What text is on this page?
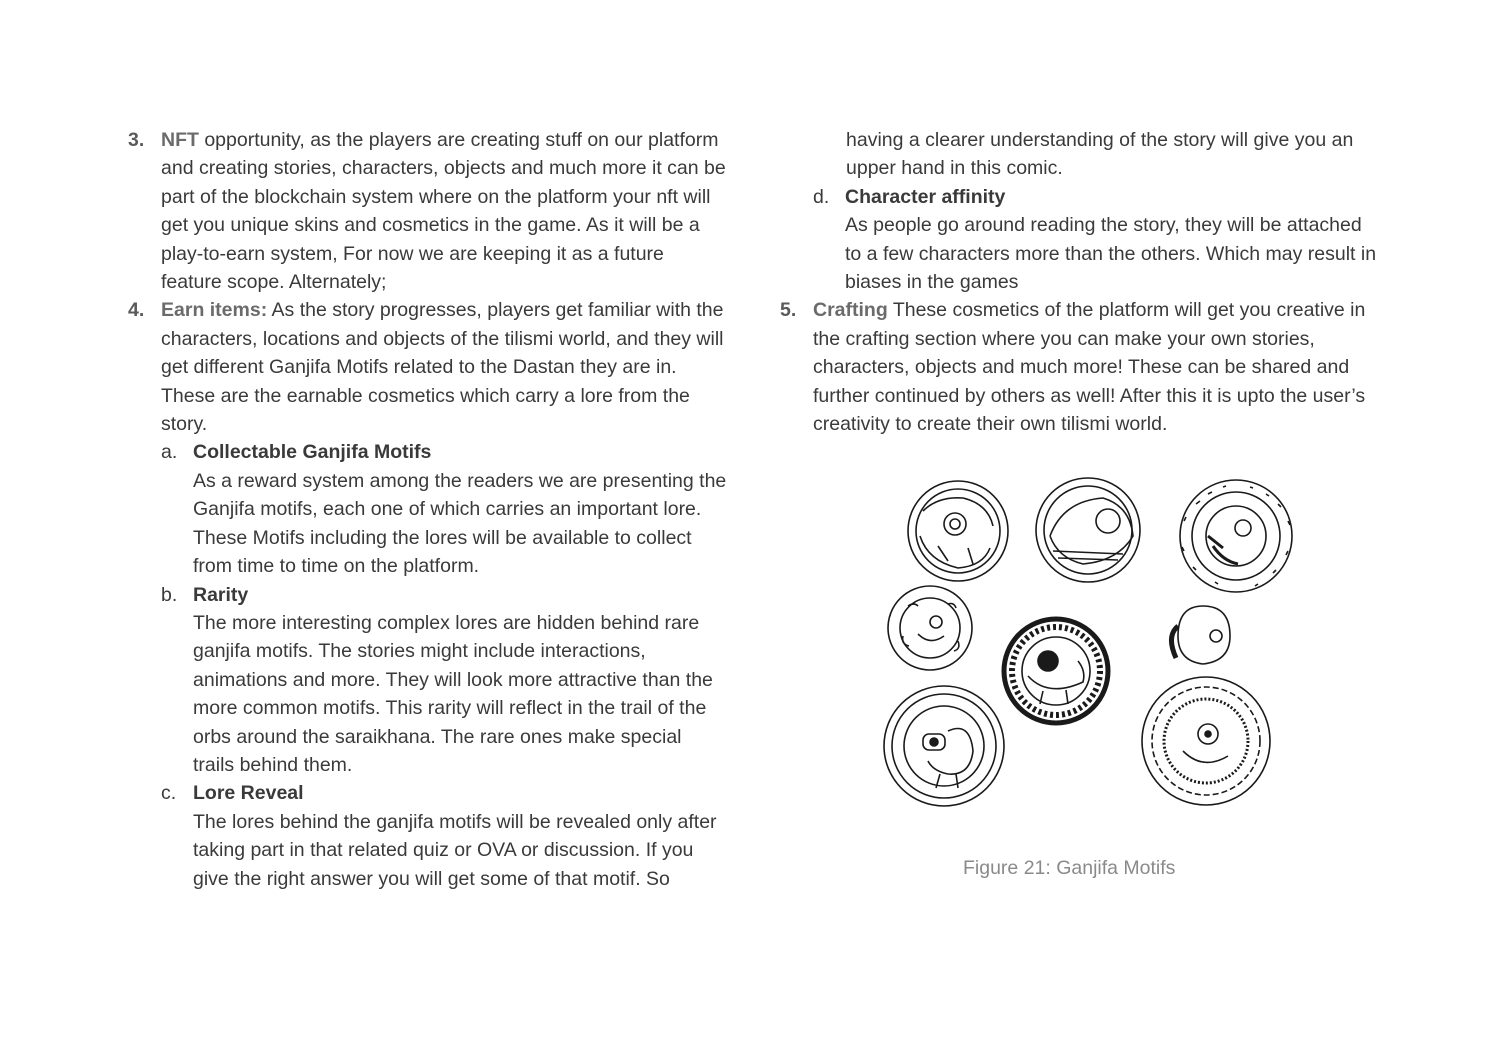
3. NFT opportunity, as the players are creating stuff on our platform and creating stories, characters, objects and much more it can be part of the blockchain system where on the platform your nft will get you unique skins and cosmetics in the game. As it will be a play-to-earn system, For now we are keeping it as a future feature scope. Alternately;
4. Earn items: As the story progresses, players get familiar with the characters, locations and objects of the tilismi world, and they will get different Ganjifa Motifs related to the Dastan they are in. These are the earnable cosmetics which carry a lore from the story.
a. Collectable Ganjifa Motifs
As a reward system among the readers we are presenting the Ganjifa motifs, each one of which carries an important lore. These Motifs including the lores will be available to collect from time to time on the platform.
b. Rarity
The more interesting complex lores are hidden behind rare ganjifa motifs. The stories might include interactions, animations and more. They will look more attractive than the more common motifs. This rarity will reflect in the trail of the orbs around the saraikhana. The rare ones make special trails behind them.
c. Lore Reveal
The lores behind the ganjifa motifs will be revealed only after taking part in that related quiz or OVA or discussion. If you give the right answer you will get some of that motif. So
having a clearer understanding of the story will give you an upper hand in this comic.
d. Character affinity
As people go around reading the story, they will be attached to a few characters more than the others. Which may result in biases in the games
5. Crafting These cosmetics of the platform will get you creative in the crafting section where you can make your own stories, characters, objects and much more! These can be shared and further continued by others as well! After this it is upto the user’s creativity to create their own tilismi world.
Figure 21: Ganjifa Motifs
